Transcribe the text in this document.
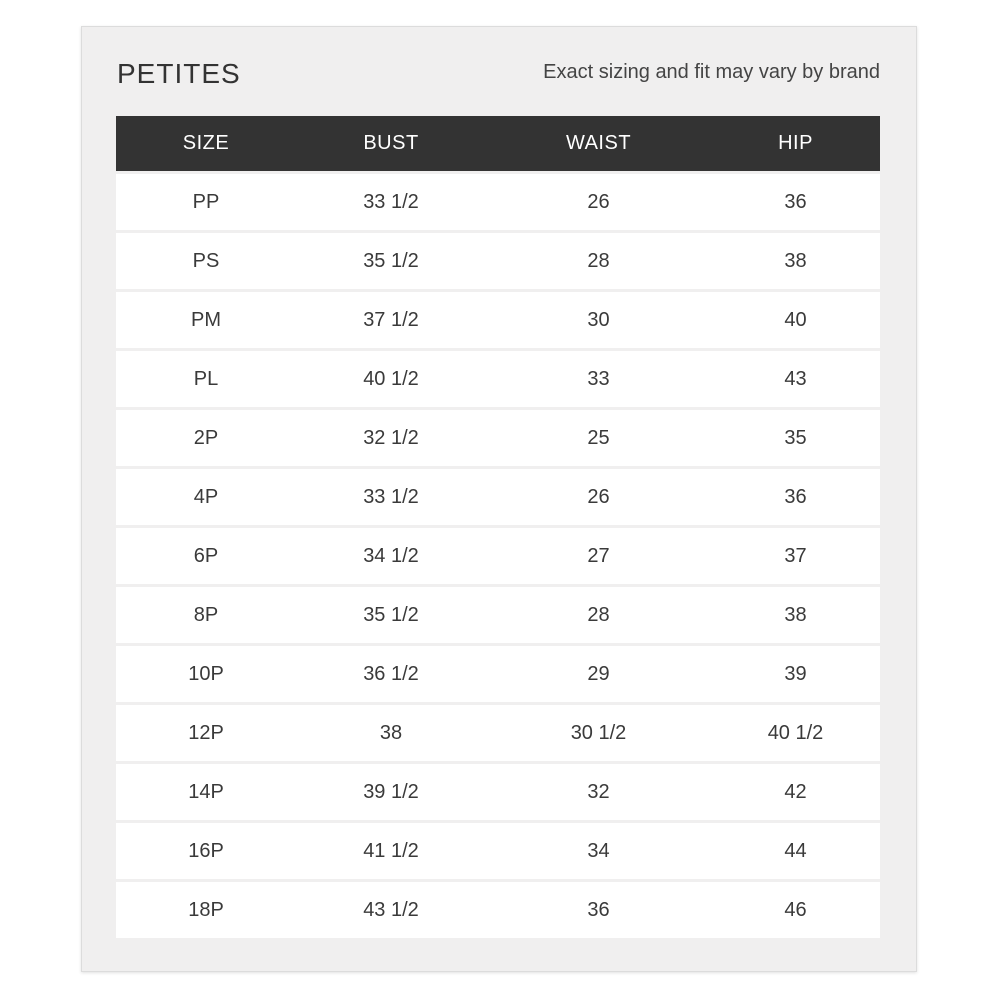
PETITES	Exact sizing and fit may vary by brand
SIZE	BUST	WAIST	HIP
PP	33 1/2	26	36
PS	35 1/2	28	38
PM	37 1/2	30	40
PL	40 1/2	33	43
2P	32 1/2	25	35
4P	33 1/2	26	36
6P	34 1/2	27	37
8P	35 1/2	28	38
10P	36 1/2	29	39
12P	38	30 1/2	40 1/2
14P	39 1/2	32	42
16P	41 1/2	34	44
18P	43 1/2	36	46
